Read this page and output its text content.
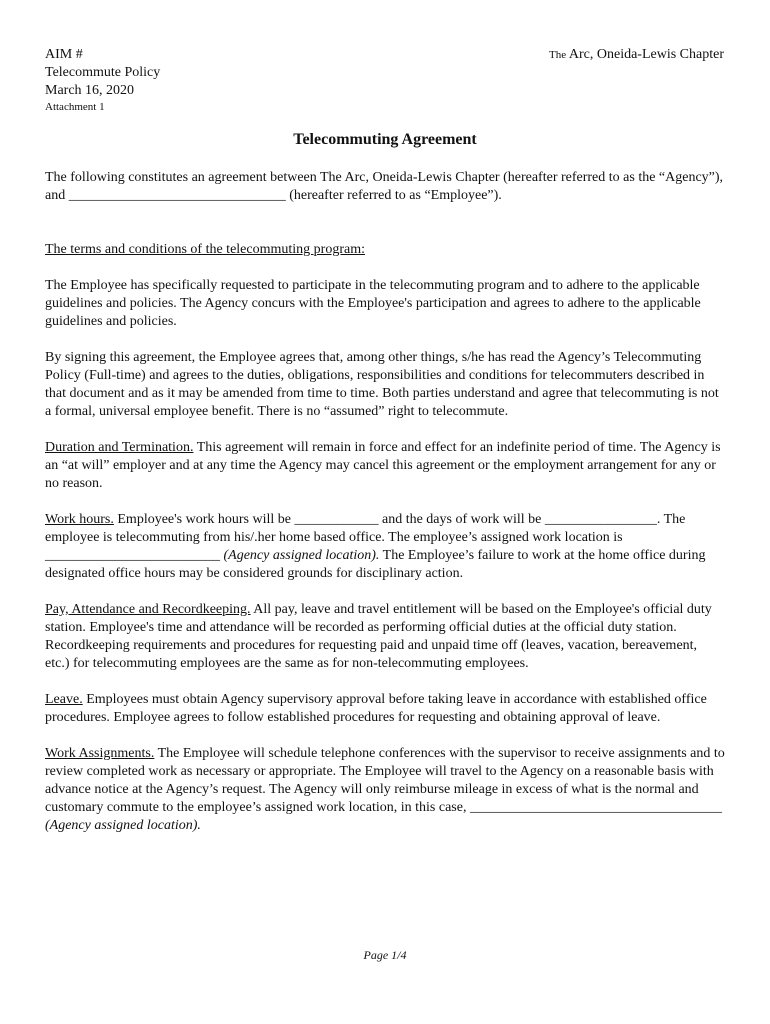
AIM #
Telecommute Policy
March 16, 2020
Attachment 1
The Arc, Oneida-Lewis Chapter
Telecommuting Agreement

The following constitutes an agreement between The Arc, Oneida-Lewis Chapter (hereafter referred to as the “Agency”), and _______________________________ (hereafter referred to as “Employee”).

The terms and conditions of the telecommuting program:

The Employee has specifically requested to participate in the telecommuting program and to adhere to the applicable guidelines and policies. The Agency concurs with the Employee's participation and agrees to adhere to the applicable guidelines and policies.

By signing this agreement, the Employee agrees that, among other things, s/he has read the Agency’s Telecommuting Policy (Full-time) and agrees to the duties, obligations, responsibilities and conditions for telecommuters described in that document and as it may be amended from time to time. Both parties understand and agree that telecommuting is not a formal, universal employee benefit. There is no “assumed” right to telecommute.

Duration and Termination. This agreement will remain in force and effect for an indefinite period of time. The Agency is an “at will” employer and at any time the Agency may cancel this agreement or the employment arrangement for any or no reason.

Work hours. Employee's work hours will be ____________ and the days of work will be ________________. The employee is telecommuting from his/.her home based office. The employee’s assigned work location is _________________________ (Agency assigned location). The Employee’s failure to work at the home office during designated office hours may be considered grounds for disciplinary action.

Pay, Attendance and Recordkeeping. All pay, leave and travel entitlement will be based on the Employee's official duty station. Employee's time and attendance will be recorded as performing official duties at the official duty station. Recordkeeping requirements and procedures for requesting paid and unpaid time off (leaves, vacation, bereavement, etc.) for telecommuting employees are the same as for non-telecommuting employees.

Leave. Employees must obtain Agency supervisory approval before taking leave in accordance with established office procedures. Employee agrees to follow established procedures for requesting and obtaining approval of leave.

Work Assignments. The Employee will schedule telephone conferences with the supervisor to receive assignments and to review completed work as necessary or appropriate. The Employee will travel to the Agency on a reasonable basis with advance notice at the Agency’s request. The Agency will only reimburse mileage in excess of what is the normal and customary commute to the employee’s assigned work location, in this case, ____________________________________ (Agency assigned location).

Page 1/4
